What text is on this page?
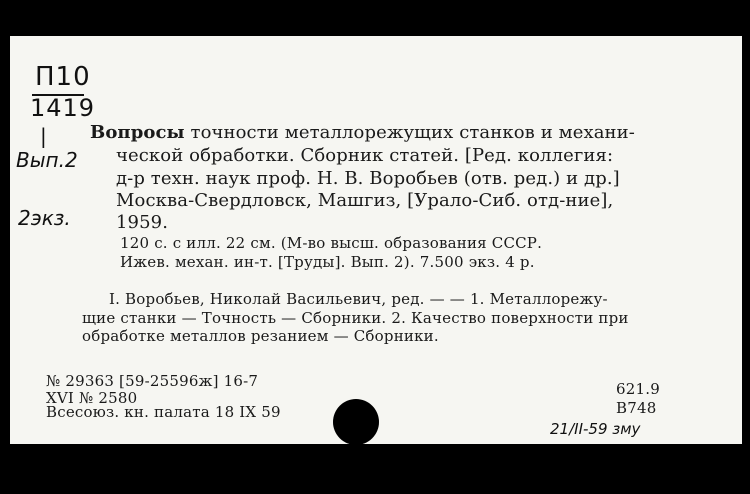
П10
1419
|
Вып.2
2экз.
Вопросы точности металлорежущих станков и механи-
ческой обработки. Сборник статей. [Ред. коллегия:
д-р техн. наук проф. Н. В. Воробьев (отв. ред.) и др.]
Москва-Свердловск, Машгиз, [Урало-Сиб. отд-ние],
1959.
120 с. с илл. 22 см. (М-во высш. образования СССР.
Ижев. механ. ин-т. [Труды]. Вып. 2). 7.500 экз. 4 р.
I. Воробьев, Николай Васильевич, ред. — — 1. Металлорежу-
щие станки — Точность — Сборники. 2. Качество поверхности при
обработке металлов резанием — Сборники.
№ 29363 [59-25596ж] 16-7
XVI № 2580
Всесоюз. кн. палата 18 IX 59
621.9
В748
21/II-59 зму
